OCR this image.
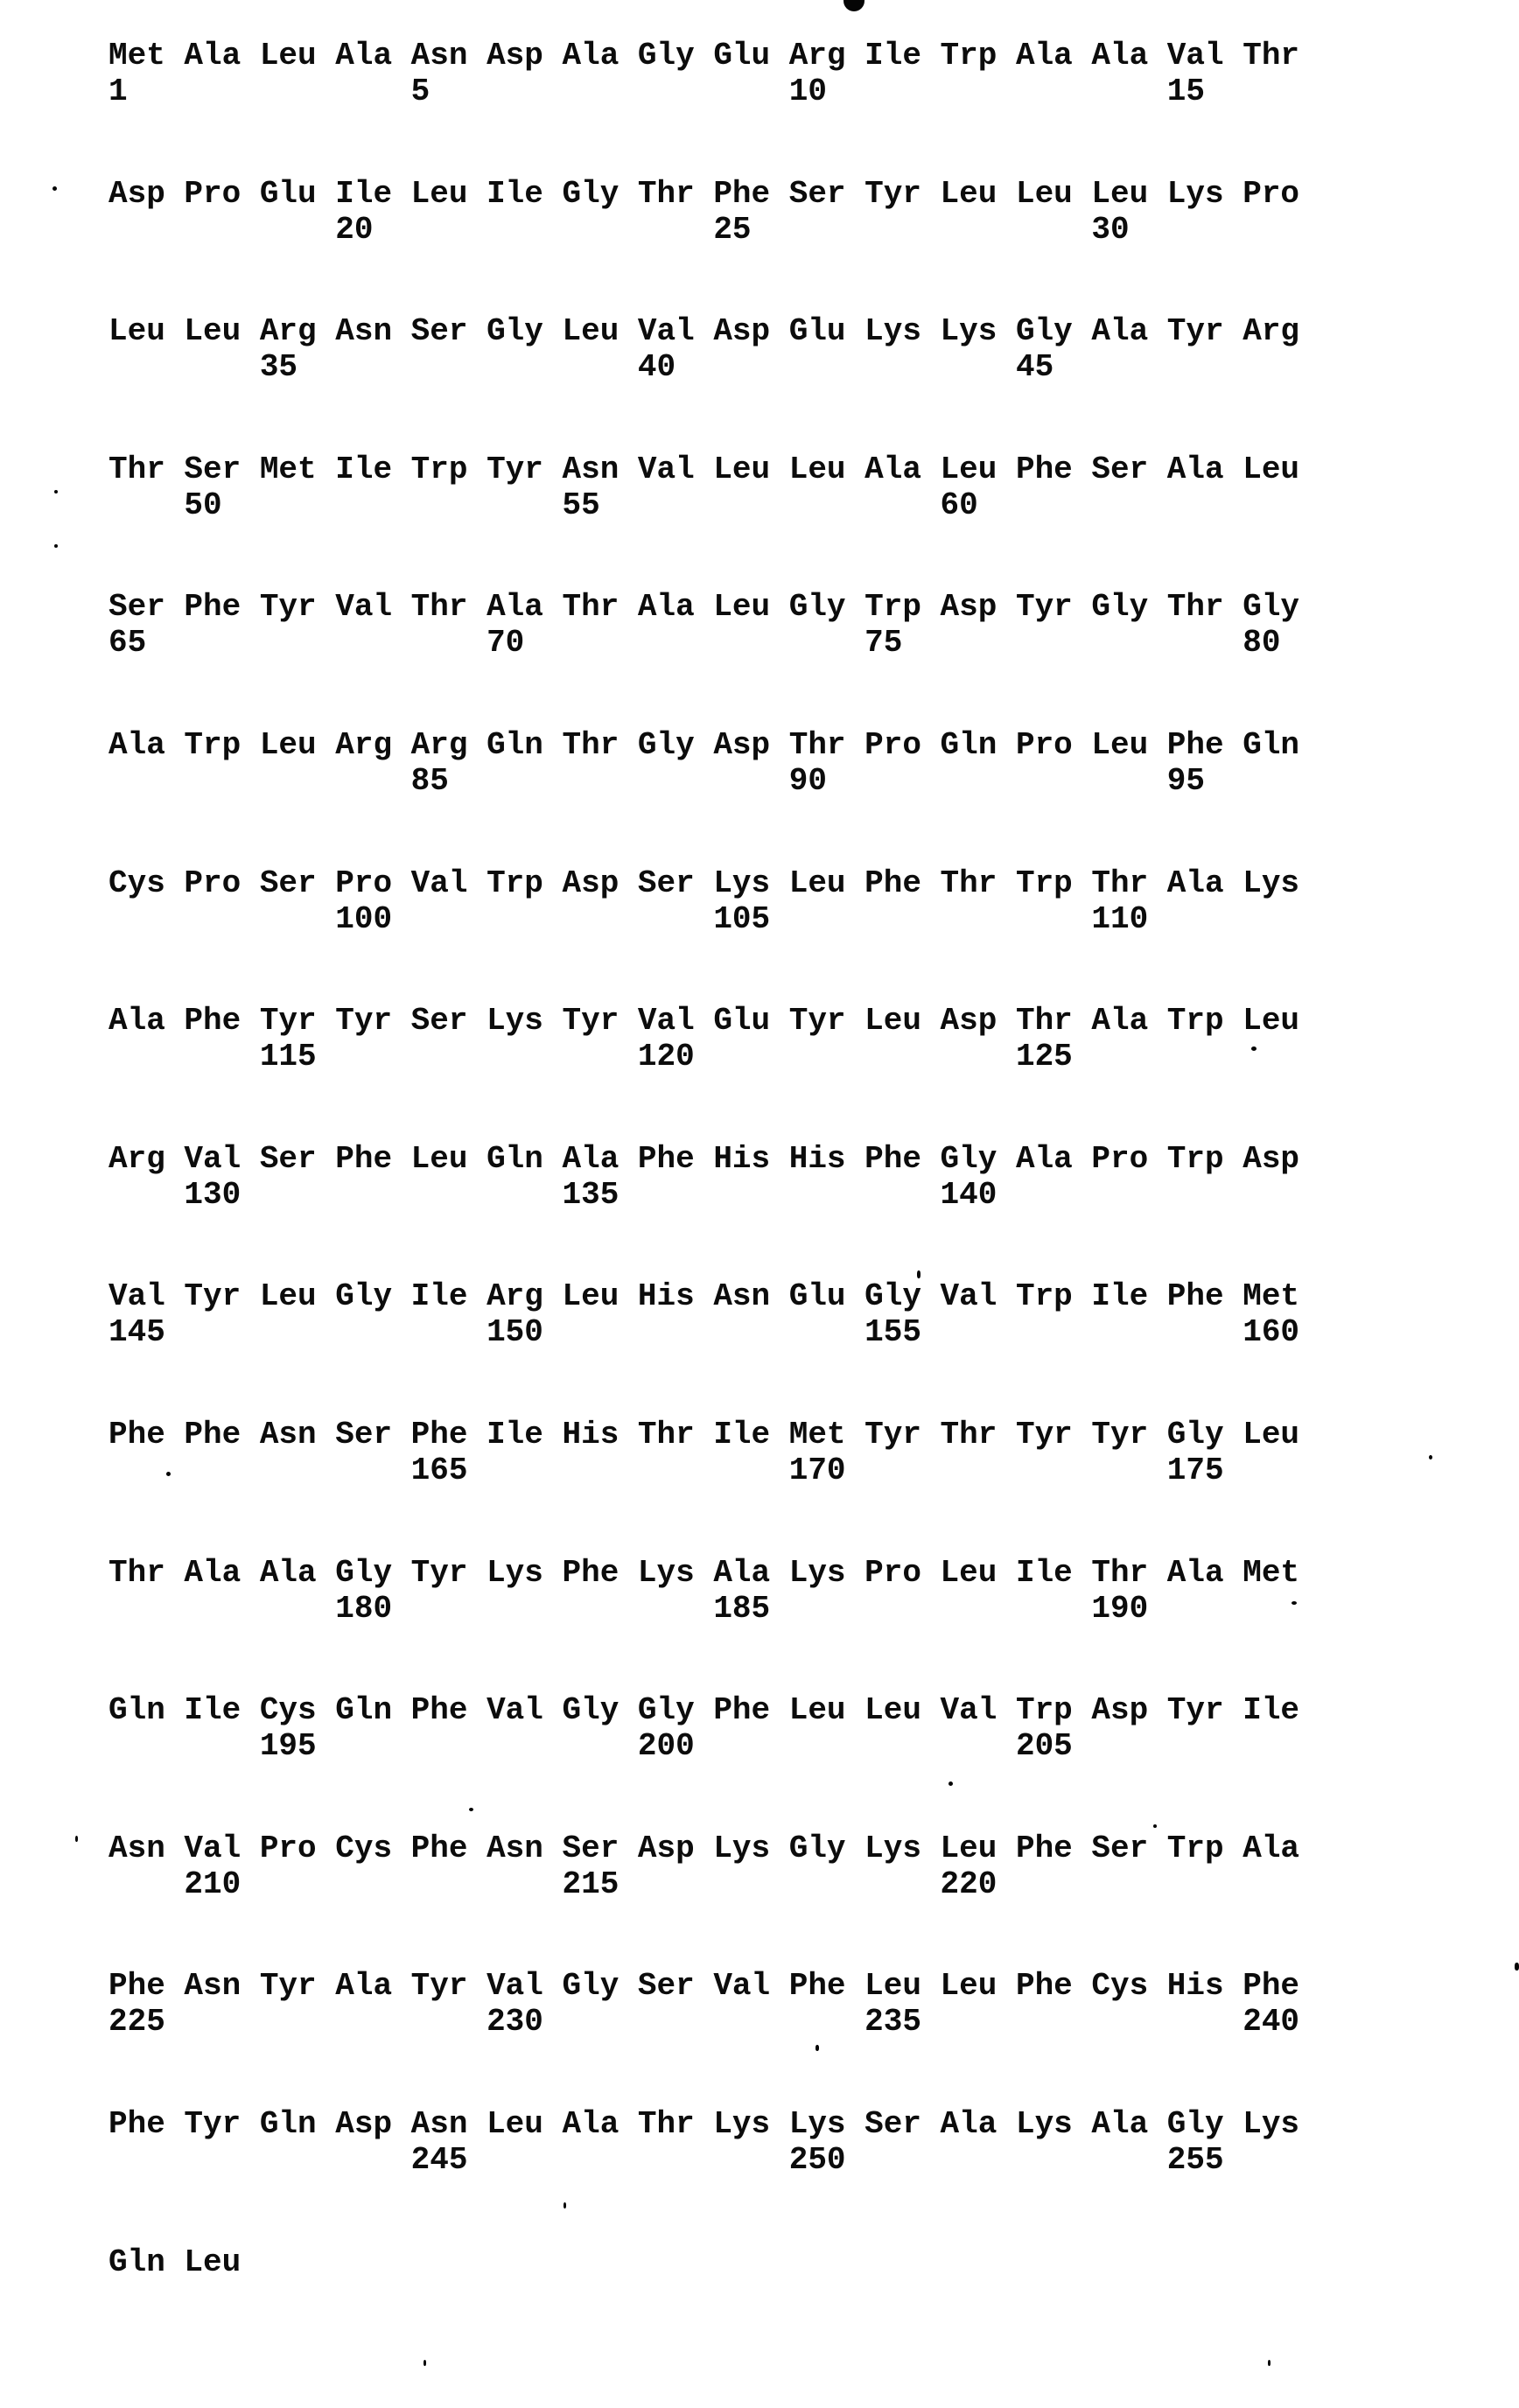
Met Ala Leu Ala Asn Asp Ala Gly Glu Arg Ile Trp Ala Ala Val Thr
1               5                   10                  15
Asp Pro Glu Ile Leu Ile Gly Thr Phe Ser Tyr Leu Leu Leu Lys Pro
20                  25                  30
Leu Leu Arg Asn Ser Gly Leu Val Asp Glu Lys Lys Gly Ala Tyr Arg
35                  40                  45
Thr Ser Met Ile Trp Tyr Asn Val Leu Leu Ala Leu Phe Ser Ala Leu
50                  55                  60
Ser Phe Tyr Val Thr Ala Thr Ala Leu Gly Trp Asp Tyr Gly Thr Gly
65                  70                  75                  80
Ala Trp Leu Arg Arg Gln Thr Gly Asp Thr Pro Gln Pro Leu Phe Gln
85                  90                  95
Cys Pro Ser Pro Val Trp Asp Ser Lys Leu Phe Thr Trp Thr Ala Lys
100                 105                 110
Ala Phe Tyr Tyr Ser Lys Tyr Val Glu Tyr Leu Asp Thr Ala Trp Leu
115                 120                 125
Arg Val Ser Phe Leu Gln Ala Phe His His Phe Gly Ala Pro Trp Asp
130                 135                 140
Val Tyr Leu Gly Ile Arg Leu His Asn Glu Gly Val Trp Ile Phe Met
145                 150                 155                 160
Phe Phe Asn Ser Phe Ile His Thr Ile Met Tyr Thr Tyr Tyr Gly Leu
165                 170                 175
Thr Ala Ala Gly Tyr Lys Phe Lys Ala Lys Pro Leu Ile Thr Ala Met
180                 185                 190
Gln Ile Cys Gln Phe Val Gly Gly Phe Leu Leu Val Trp Asp Tyr Ile
195                 200                 205
Asn Val Pro Cys Phe Asn Ser Asp Lys Gly Lys Leu Phe Ser Trp Ala
210                 215                 220
Phe Asn Tyr Ala Tyr Val Gly Ser Val Phe Leu Leu Phe Cys His Phe
225                 230                 235                 240
Phe Tyr Gln Asp Asn Leu Ala Thr Lys Lys Ser Ala Lys Ala Gly Lys
245                 250                 255
Gln Leu
